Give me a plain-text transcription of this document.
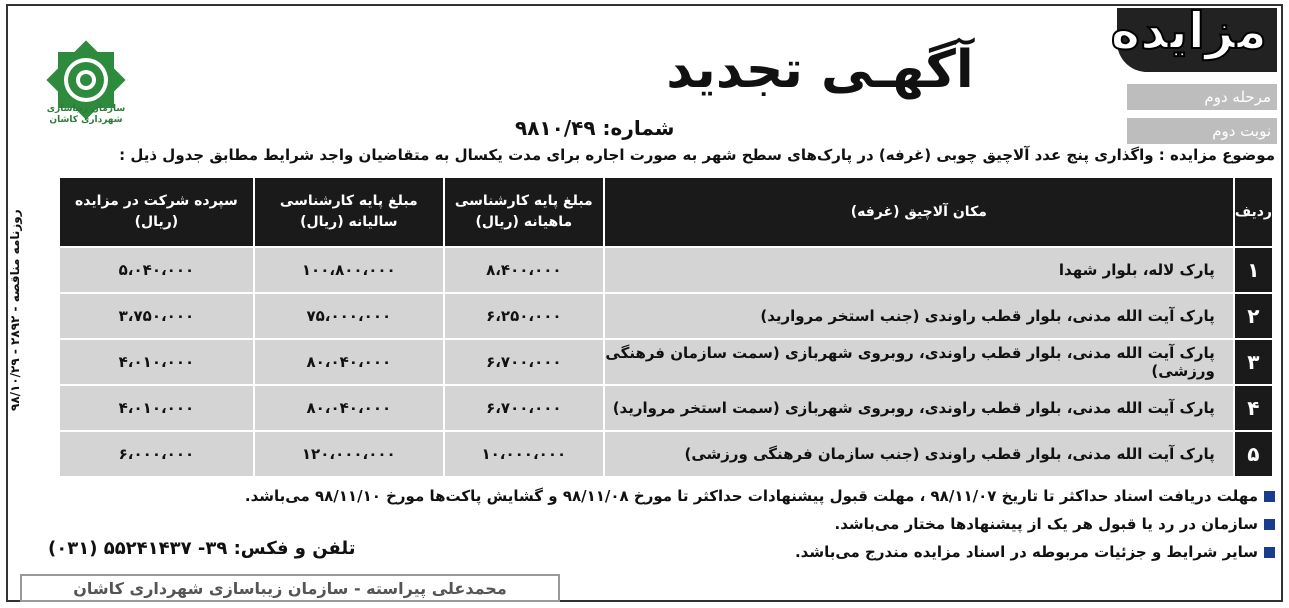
روزنامه مناقصه - ۲۸۹۲ - ۹۸/۱۰/۲۹
سازمان زیباسازی شهرداری کاشان
مزایده
مرحله دوم
نوبت دوم
آگهـی تجدید
شماره: ۹۸۱۰/۴۹
موضوع مزایده : واگذاری پنج عدد آلاچیق چوبی (غرفه) در پارک‌های سطح شهر به صورت اجاره برای مدت یکسال به متقاضیان واجد شرایط مطابق جدول ذیل :
ردیف	مکان آلاچیق (غرفه)	مبلغ پایه کارشناسی ماهیانه (ریال)	مبلغ پایه کارشناسی سالیانه (ریال)	سپرده شرکت در مزایده (ریال)
۱	پارک لاله، بلوار شهدا	۸،۴۰۰،۰۰۰	۱۰۰،۸۰۰،۰۰۰	۵،۰۴۰،۰۰۰
۲	پارک آیت الله مدنی، بلوار قطب راوندی (جنب استخر مروارید)	۶،۲۵۰،۰۰۰	۷۵،۰۰۰،۰۰۰	۳،۷۵۰،۰۰۰
۳	پارک آیت الله مدنی، بلوار قطب راوندی، روبروی شهربازی (سمت سازمان فرهنگی ورزشی)	۶،۷۰۰،۰۰۰	۸۰،۰۴۰،۰۰۰	۴،۰۱۰،۰۰۰
۴	پارک آیت الله مدنی، بلوار قطب راوندی، روبروی شهربازی (سمت استخر مروارید)	۶،۷۰۰،۰۰۰	۸۰،۰۴۰،۰۰۰	۴،۰۱۰،۰۰۰
۵	پارک آیت الله مدنی، بلوار قطب راوندی (جنب سازمان فرهنگی ورزشی)	۱۰،۰۰۰،۰۰۰	۱۲۰،۰۰۰،۰۰۰	۶،۰۰۰،۰۰۰
مهلت دریافت اسناد حداکثر تا تاریخ ۹۸/۱۱/۰۷ ، مهلت قبول پیشنهادات حداکثر تا مورخ ۹۸/۱۱/۰۸ و گشایش پاکت‌ها مورخ ۹۸/۱۱/۱۰ می‌باشد.
سازمان در رد یا قبول هر یک از پیشنهادها مختار می‌باشد.
سایر شرایط و جزئیات مربوطه در اسناد مزایده مندرج می‌باشد.
تلفن و فکس: ۳۹- ۵۵۲۴۱۴۳۷ (۰۳۱)
محمدعلی پیراسته - سازمان زیباسازی شهرداری کاشان
